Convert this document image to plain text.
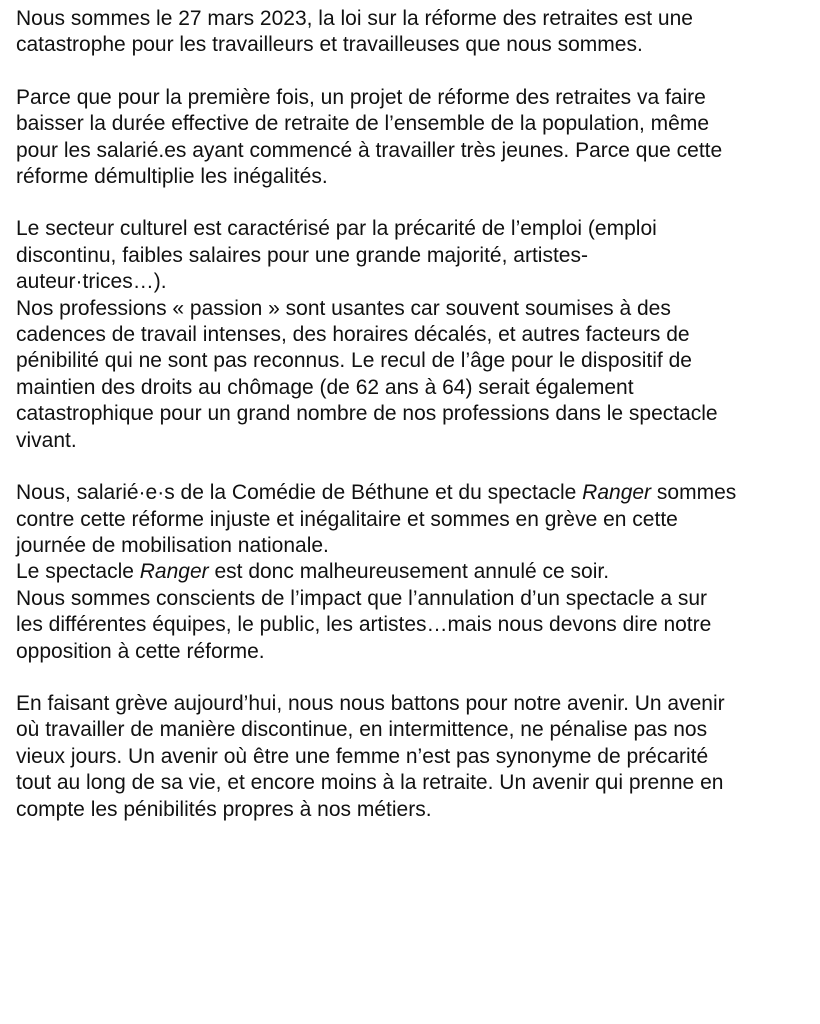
Nous sommes le 27 mars 2023, la loi sur la réforme des retraites est une
catastrophe pour les travailleurs et travailleuses que nous sommes.

Parce que pour la première fois, un projet de réforme des retraites va faire
baisser la durée effective de retraite de l’ensemble de la population, même
pour les salarié.es ayant commencé à travailler très jeunes. Parce que cette
réforme démultiplie les inégalités.

Le secteur culturel est caractérisé par la précarité de l’emploi (emploi
discontinu, faibles salaires pour une grande majorité, artistes-
auteur·trices…).
Nos professions « passion » sont usantes car souvent soumises à des
cadences de travail intenses, des horaires décalés, et autres facteurs de
pénibilité qui ne sont pas reconnus. Le recul de l’âge pour le dispositif de
maintien des droits au chômage (de 62 ans à 64) serait également
catastrophique pour un grand nombre de nos professions dans le spectacle
vivant.

Nous, salarié·e·s de la Comédie de Béthune et du spectacle Ranger sommes
contre cette réforme injuste et inégalitaire et sommes en grève en cette
journée de mobilisation nationale.
Le spectacle Ranger est donc malheureusement annulé ce soir.
Nous sommes conscients de l’impact que l’annulation d’un spectacle a sur
les différentes équipes, le public, les artistes…mais nous devons dire notre
opposition à cette réforme.

En faisant grève aujourd’hui, nous nous battons pour notre avenir. Un avenir
où travailler de manière discontinue, en intermittence, ne pénalise pas nos
vieux jours. Un avenir où être une femme n’est pas synonyme de précarité
tout au long de sa vie, et encore moins à la retraite. Un avenir qui prenne en
compte les pénibilités propres à nos métiers.
